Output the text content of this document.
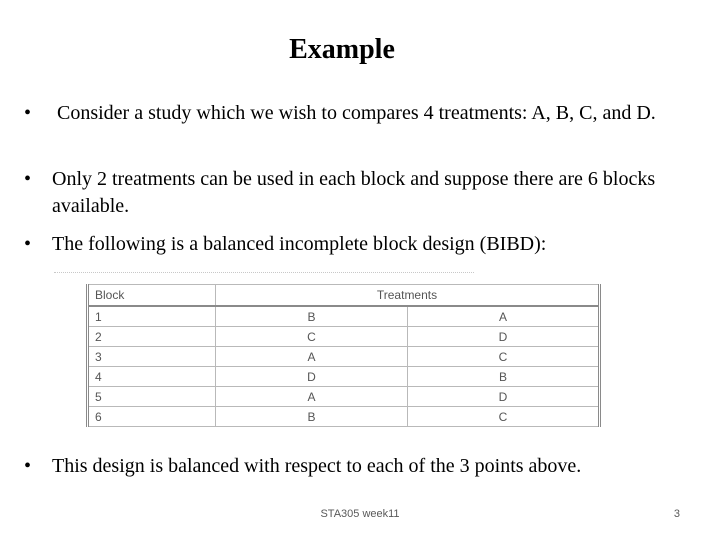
Example
•	Consider a study which we wish to compares 4 treatments: A, B, C, and D.
•	Only 2 treatments can be used in each block and suppose there are 6 blocks available.
•	The following is a balanced incomplete block design (BIBD):
Block	Treatments	
1	B	A
2	C	D
3	A	C
4	D	B
5	A	D
6	B	C
•	This design is balanced with respect to each of the 3 points above.
STA305 week11	3
